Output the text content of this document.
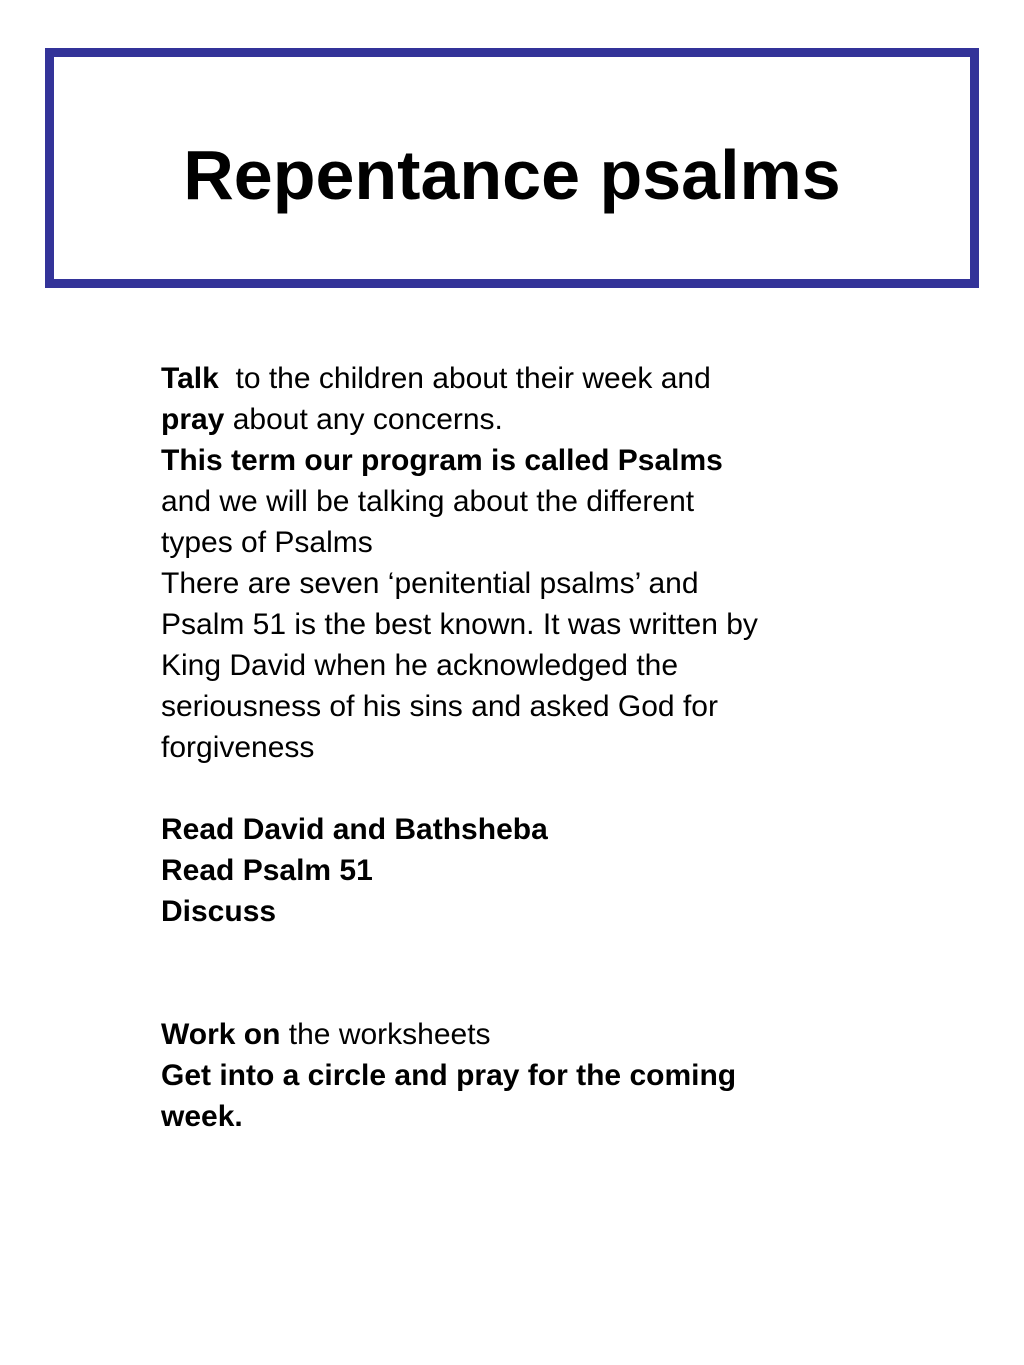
Repentance psalms
Talk to the children about their week and
pray about any concerns.
This term our program is called Psalms
and we will be talking about the different
types of Psalms
There are seven ‘penitential psalms’ and
Psalm 51 is the best known. It was written by
King David when he acknowledged the
seriousness of his sins and asked God for
forgiveness
Read David and Bathsheba
Read Psalm 51
Discuss
Work on the worksheets
Get into a circle and pray for the coming
week.
